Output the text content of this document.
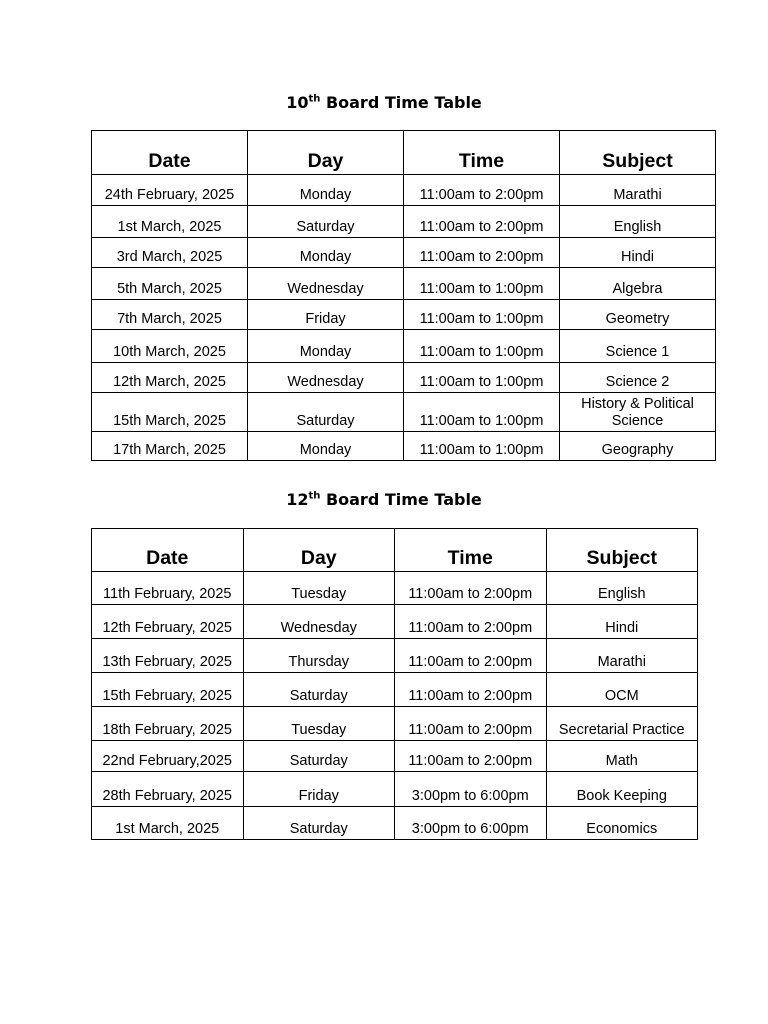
10th Board Time Table
Date	Day	Time	Subject
24th February, 2025	Monday	11:00am to 2:00pm	Marathi
1st March, 2025	Saturday	11:00am to 2:00pm	English
3rd March, 2025	Monday	11:00am to 2:00pm	Hindi
5th March, 2025	Wednesday	11:00am to 1:00pm	Algebra
7th March, 2025	Friday	11:00am to 1:00pm	Geometry
10th March, 2025	Monday	11:00am to 1:00pm	Science 1
12th March, 2025	Wednesday	11:00am to 1:00pm	Science 2
15th March, 2025	Saturday	11:00am to 1:00pm	History & Political Science
17th March, 2025	Monday	11:00am to 1:00pm	Geography
12th Board Time Table
Date	Day	Time	Subject
11th February, 2025	Tuesday	11:00am to 2:00pm	English
12th February, 2025	Wednesday	11:00am to 2:00pm	Hindi
13th February, 2025	Thursday	11:00am to 2:00pm	Marathi
15th February, 2025	Saturday	11:00am to 2:00pm	OCM
18th February, 2025	Tuesday	11:00am to 2:00pm	Secretarial Practice
22nd February,2025	Saturday	11:00am to 2:00pm	Math
28th February, 2025	Friday	3:00pm to 6:00pm	Book Keeping
1st March, 2025	Saturday	3:00pm to 6:00pm	Economics
